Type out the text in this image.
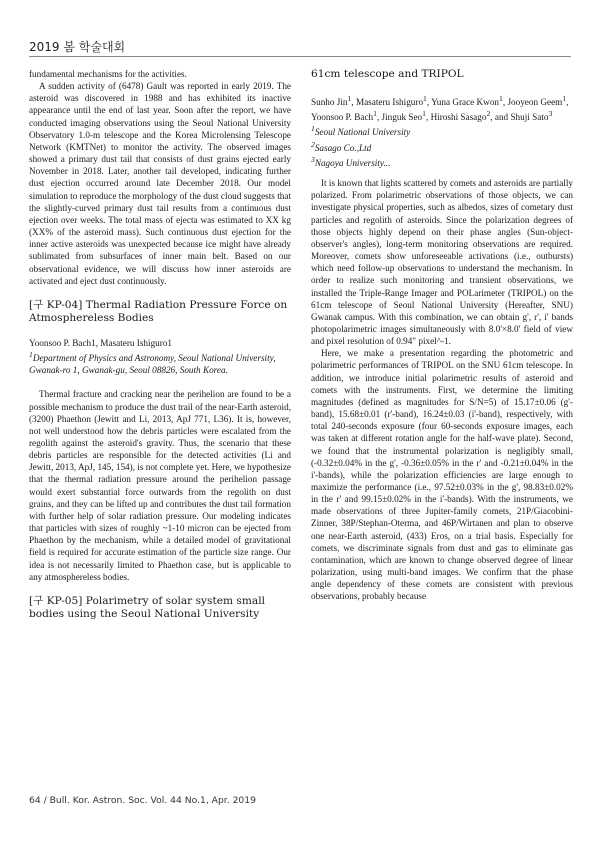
2019 봄 학술대회

fundamental mechanisms for the activities.

A sudden activity of (6478) Gault was reported in early 2019. The asteroid was discovered in 1988 and has exhibited its inactive appearance until the end of last year. Soon after the report, we have conducted imaging observations using the Seoul National University Observatory 1.0-m telescope and the Korea Microlensing Telescope Network (KMTNet) to monitor the activity. The observed images showed a primary dust tail that consists of dust grains ejected early November in 2018. Later, another tail developed, indicating further dust ejection occurred around late December 2018. Our model simulation to reproduce the morphology of the dust cloud suggests that the slightly-curved primary dust tail results from a continuous dust ejection over weeks. The total mass of ejecta was estimated to XX kg (XX% of the asteroid mass). Such continuous dust ejection for the inner active asteroids was unexpected because ice might have already sublimated from subsurfaces of inner main belt. Based on our observational evidence, we will discuss how inner asteroids are activated and eject dust continuously.

[구 KP-04] Thermal Radiation Pressure Force on Atmosphereless Bodies

Yoonsoo P. Bach1, Masateru Ishiguro1

$^1$Department of Physics and Astronomy, Seoul National University, Gwanak-ro 1, Gwanak-gu, Seoul 08826, South Korea.

Thermal fracture and cracking near the perihelion are found to be a possible mechanism to produce the dust trail of the near-Earth asteroid, (3200) Phaethon (Jewitt and Li, 2013, ApJ 771, L36). It is, however, not well understood how the debris particles were escalated from the regolith against the asteroid's gravity. Thus, the scenario that these debris particles are responsible for the detected activities (Li and Jewitt, 2013, ApJ, 145, 154), is not complete yet. Here, we hypothesize that the thermal radiation pressure around the perihelion passage would exert substantial force outwards from the regolith on dust grains, and they can be lifted up and contributes the dust tail formation with further help of solar radiation pressure. Our modeling indicates that particles with sizes of roughly ~1-10 micron can be ejected from Phaethon by the mechanism, while a detailed model of gravitational field is required for accurate estimation of the particle size range. Our idea is not necessarily limited to Phaethon case, but is applicable to any atmosphereless bodies.

[구 KP-05] Polarimetry of solar system small bodies using the Seoul National University
61cm telescope and TRIPOL
Sunho Jin$^1$, Masateru Ishiguro$^1$, Yuna Grace Kwon$^1$, Jooyeon Geem$^1$, Yoonsoo P. Bach$^1$, Jinguk Seo$^1$, Hiroshi Sasago$^2$, and Shuji Sato$^3$
$^1$Seoul National University
$^2$Sasago Co.,Ltd
$^3$Nagoya University...

It is known that lights scattered by comets and asteroids are partially polarized. From polarimetric observations of those objects, we can investigate physical properties, such as albedos, sizes of cometary dust particles and regolith of asteroids. Since the polarization degrees of those objects highly depend on their phase angles (Sun-object-observer's angles), long-term monitoring observations are required. Moreover, comets show unforeseeable activations (i.e., outbursts) which need follow-up observations to understand the mechanism. In order to realize such monitoring and transient observations, we installed the Triple-Range Imager and POLarimeter (TRIPOL) on the 61cm telescope of Seoul National University (Hereafter, SNU) Gwanak campus. With this combination, we can obtain g', r', i' bands photopolarimetric images simultaneously with 8.0'×8.0' field of view and pixel resolution of 0.94" pixel^-1.

Here, we make a presentation regarding the photometric and polarimetric performances of TRIPOL on the SNU 61cm telescope. In addition, we introduce initial polarimetric results of asteroid and comets with the instruments. First, we determine the limiting magnitudes (defined as magnitudes for S/N=5) of 15.17±0.06 (g'-band), 15.68±0.01 (r'-band), 16.24±0.03 (i'-band), respectively, with total 240-seconds exposure (four 60-seconds exposure images, each was taken at different rotation angle for the half-wave plate). Second, we found that the instrumental polarization is negligibly small, (-0.32±0.04% in the g', -0.36±0.05% in the r' and -0.21±0.04% in the i'-bands), while the polarization efficiencies are large enough to maximize the performance (i.e., 97.52±0.03% in the g', 98.83±0.02% in the r' and 99.15±0.02% in the i'-bands). With the instruments, we made observations of three Jupiter-family comets, 21P/Giacobini-Zinner, 38P/Stephan-Oterma, and 46P/Wirtanen and plan to observe one near-Earth asteroid, (433) Eros, on a trial basis. Especially for comets, we discriminate signals from dust and gas to eliminate gas contamination, which are known to change observed degree of linear polarization, using multi-band images. We confirm that the phase angle dependency of these comets are consistent with previous observations, probably because

64 / Bull. Kor. Astron. Soc. Vol. 44 No.1, Apr. 2019
